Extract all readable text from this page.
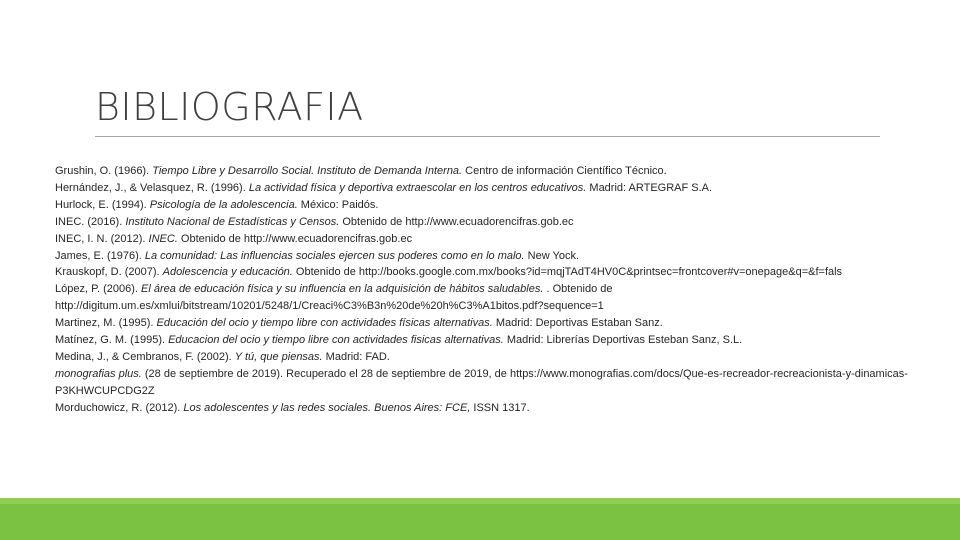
BIBLIOGRAFIA

Grushin, O. (1966). Tiempo Libre y Desarrollo Social. Instituto de Demanda Interna. Centro de información Científico Técnico.

Hernández, J., & Velasquez, R. (1996). La actividad física y deportiva extraescolar en los centros educativos. Madrid: ARTEGRAF S.A.

Hurlock, E. (1994). Psicología de la adolescencia. México: Paidós.

INEC. (2016). Instituto Nacional de Estadísticas y Censos. Obtenido de http://www.ecuadorencifras.gob.ec

INEC, I. N. (2012). INEC. Obtenido de http://www.ecuadorencifras.gob.ec

James, E. (1976). La comunidad: Las influencias sociales ejercen sus poderes como en lo malo. New Yock.

Krauskopf, D. (2007). Adolescencia y educación. Obtenido de http://books.google.com.mx/books?id=mqjTAdT4HV0C&printsec=frontcover#v=onepage&q=&f=fals

López, P. (2006). El área de educación física y su influencia en la adquisición de hábitos saludables. . Obtenido de http://digitum.um.es/xmlui/bitstream/10201/5248/1/Creaci%C3%B3n%20de%20h%C3%A1bitos.pdf?sequence=1

Martinez, M. (1995). Educación del ocio y tiempo libre con actividades físicas alternativas. Madrid: Deportivas Estaban Sanz.

Matínez, G. M. (1995). Educacion del ocio y tiempo libre con actividades fisicas alternativas. Madrid: Librerías Deportivas Esteban Sanz, S.L.

Medina, J., & Cembranos, F. (2002). Y tú, que piensas. Madrid: FAD.

monografias plus. (28 de septiembre de 2019). Recuperado el 28 de septiembre de 2019, de https://www.monografias.com/docs/Que-es-recreador-recreacionista-y-dinamicas-P3KHWCUPCDG2Z

Morduchowicz, R. (2012). Los adolescentes y las redes sociales. Buenos Aires: FCE, ISSN 1317.
